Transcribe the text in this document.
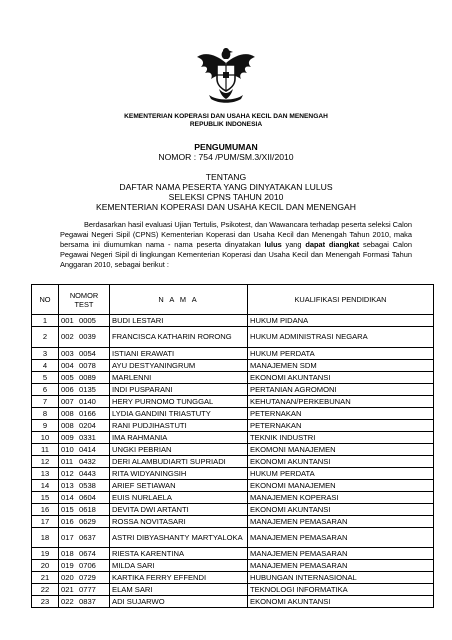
KEMENTERIAN KOPERASI DAN USAHA KECIL DAN MENENGAH
REPUBLIK INDONESIA
PENGUMUMAN
NOMOR : 754 /PUM/SM.3/XII/2010
TENTANG
DAFTAR NAMA PESERTA YANG DINYATAKAN LULUS
SELEKSI CPNS TAHUN 2010
KEMENTERIAN KOPERASI DAN USAHA KECIL DAN MENENGAH
Berdasarkan hasil evaluasi Ujian Tertulis, Psikotest, dan Wawancara terhadap peserta seleksi Calon Pegawai Negeri Sipil (CPNS) Kementerian Koperasi dan Usaha Kecil dan Menengah Tahun 2010, maka bersama ini diumumkan nama - nama peserta dinyatakan lulus yang dapat diangkat sebagai Calon Pegawai Negeri Sipil di lingkungan Kementerian Koperasi dan Usaha Kecil dan Menengah Formasi Tahun Anggaran 2010, sebagai berikut :
NO	NOMOR TEST	N A M A	KUALIFIKASI PENDIDIKAN
1	001 0005	BUDI LESTARI	HUKUM PIDANA
2	002 0039	FRANCISCA KATHARIN RORONG	HUKUM ADMINISTRASI NEGARA
3	003 0054	ISTIANI ERAWATI	HUKUM PERDATA
4	004 0078	AYU DESTYANINGRUM	MANAJEMEN SDM
5	005 0089	MARLENNI	EKONOMI AKUNTANSI
6	006 0135	INDI PUSPARANI	PERTANIAN AGROMONI
7	007 0140	HERY PURNOMO TUNGGAL	KEHUTANAN/PERKEBUNAN
8	008 0166	LYDIA GANDINI TRIASTUTY	PETERNAKAN
9	008 0204	RANI PUDJIHASTUTI	PETERNAKAN
10	009 0331	IMA RAHMANIA	TEKNIK INDUSTRI
11	010 0414	UNGKI PEBRIAN	EKOMONI MANAJEMEN
12	011 0432	DERI ALAMBUDIARTI SUPRIADI	EKONOMI AKUNTANSI
13	012 0443	RITA WIDYANINGSIH	HUKUM PERDATA
14	013 0538	ARIEF SETIAWAN	EKONOMI MANAJEMEN
15	014 0604	EUIS NURLAELA	MANAJEMEN KOPERASI
16	015 0618	DEVITA DWI ARTANTI	EKONOMI AKUNTANSI
17	016 0629	ROSSA NOVITASARI	MANAJEMEN PEMASARAN
18	017 0637	ASTRI DIBYASHANTY MARTYALOKA	MANAJEMEN PEMASARAN
19	018 0674	RIESTA KARENTINA	MANAJEMEN PEMASARAN
20	019 0706	MILDA SARI	MANAJEMEN PEMASARAN
21	020 0729	KARTIKA FERRY EFFENDI	HUBUNGAN INTERNASIONAL
22	021 0777	ELAM SARI	TEKNOLOGI INFORMATIKA
23	022 0837	ADI SUJARWO	EKONOMI AKUNTANSI
